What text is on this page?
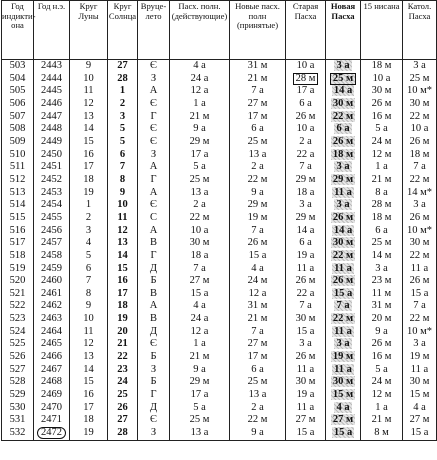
Год индиктиона	Год н.э.	Круг Луны	Круг Солнца	Вруцелето	Пасх. полн. (действующие)	Новые пасх. полн (принятые)	Старая Пасха	Новая Пасха	15 нисана	Катол. Пасха
503	2443	9	27	Є	4 а	31 м	10 а	3 а	18 м	3 а
504	2444	10	28	З	24 а	21 м	28 м	25 м	10 а	25 м
505	2445	11	1	А	12 а	7 а	17 а	14 а	30 м	10 м*
506	2446	12	2	Є	1 а	27 м	6 а	30 м	26 м	30 м
507	2447	13	3	Г	21 м	17 м	26 м	22 м	16 м	22 м
508	2448	14	5	Є	9 а	6 а	10 а	6 а	5 а	10 а
509	2449	15	5	Є	29 м	25 м	2 а	26 м	24 м	26 м
510	2450	16	6	З	17 а	13 а	22 а	18 м	12 м	18 м
511	2451	17	7	А	5 а	2 а	7 а	3 а	1 а	7 а
512	2452	18	8	Г	25 м	22 м	29 м	29 м	21 м	22 м
513	2453	19	9	А	13 а	9 а	18 а	11 а	8 а	14 м*
514	2454	1	10	Є	2 а	29 м	3 а	3 а	28 м	3 а
515	2455	2	11	С	22 м	19 м	29 м	26 м	18 м	26 м
516	2456	3	12	А	10 а	7 а	14 а	14 а	6 а	10 м*
517	2457	4	13	В	30 м	26 м	6 а	30 м	25 м	30 м
518	2458	5	14	Г	18 а	15 а	19 а	22 м	14 м	22 м
519	2459	6	15	Д	7 а	4 а	11 а	11 а	3 а	11 а
520	2460	7	16	Б	27 м	24 м	26 м	26 м	23 м	26 м
521	2461	8	17	В	15 а	12 а	22 а	15 а	11 м	15 а
522	2462	9	18	А	4 а	31 м	7 а	7 а	31 м	7 а
523	2463	10	19	В	24 а	21 м	30 м	22 м	20 м	22 м
524	2464	11	20	Д	12 а	7 а	15 а	11 а	9 а	10 м*
525	2465	12	21	Є	1 а	27 м	3 а	3 а	26 м	3 а
526	2466	13	22	Б	21 м	17 м	26 м	19 м	16 м	19 м
527	2467	14	23	З	9 а	6 а	11 а	11 а	5 а	11 а
528	2468	15	24	Б	29 м	25 м	30 м	30 м	24 м	30 м
529	2469	16	25	Г	17 а	13 а	19 а	15 м	12 м	15 м
530	2470	17	26	Д	5 а	2 а	11 а	4 а	1 а	4 а
531	2471	18	27	Є	25 м	22 м	27 м	27 м	21 м	27 м
532	2472	19	28	З	13 а	9 а	15 а	15 а	8 м	15 а
